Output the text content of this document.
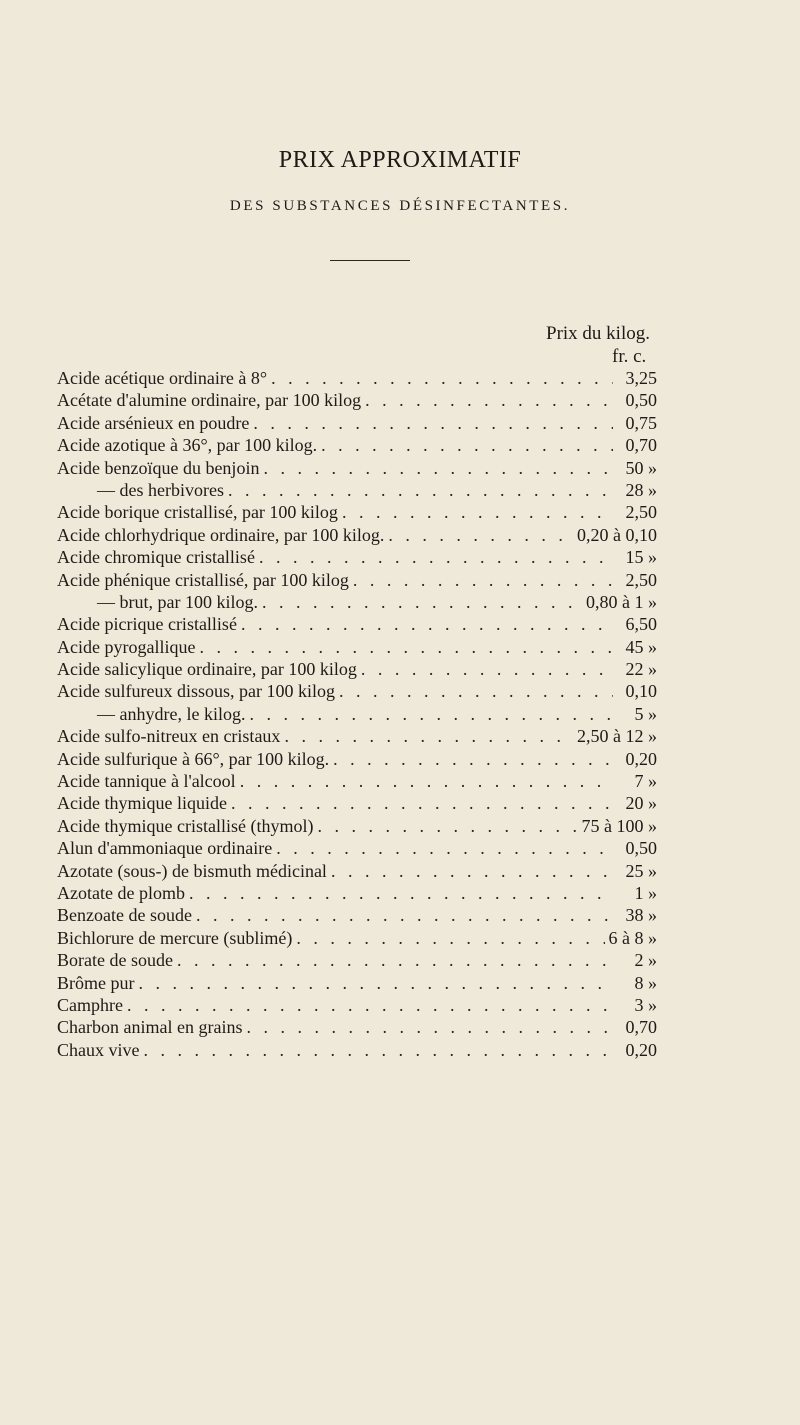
PRIX APPROXIMATIF
DES SUBSTANCES DÉSINFECTANTES.
Prix du kilog.
fr. c.
Acide acétique ordinaire à 8° . . .	3,25
Acétate d'alumine ordinaire, par 100 kilog . . .	0,50
Acide arsénieux en poudre . . .	0,75
Acide azotique à 36°, par 100 kilog. . . .	0,70
Acide benzoïque du benjoin . . .	50 »
— des herbivores . . .	28 »
Acide borique cristallisé, par 100 kilog . . .	2,50
Acide chlorhydrique ordinaire, par 100 kilog. . . .	0,20 à 0,10
Acide chromique cristallisé . . .	15 »
Acide phénique cristallisé, par 100 kilog . . .	2,50
— brut, par 100 kilog. . . .	0,80 à 1 »
Acide picrique cristallisé . . .	6,50
Acide pyrogallique . . .	45 »
Acide salicylique ordinaire, par 100 kilog . . .	22 »
Acide sulfureux dissous, par 100 kilog . . .	0,10
— anhydre, le kilog. . . .	5 »
Acide sulfo-nitreux en cristaux . . .	2,50 à 12 »
Acide sulfurique à 66°, par 100 kilog. . . .	0,20
Acide tannique à l'alcool . . .	7 »
Acide thymique liquide . . .	20 »
Acide thymique cristallisé (thymol) . . .	75 à 100 »
Alun d'ammoniaque ordinaire . . .	0,50
Azotate (sous-) de bismuth médicinal . . .	25 »
Azotate de plomb . . .	1 »
Benzoate de soude . . .	38 »
Bichlorure de mercure (sublimé) . . .	6 à 8 »
Borate de soude . . .	2 »
Brôme pur . . .	8 »
Camphre . . .	3 »
Charbon animal en grains . . .	0,70
Chaux vive . . .	0,20
